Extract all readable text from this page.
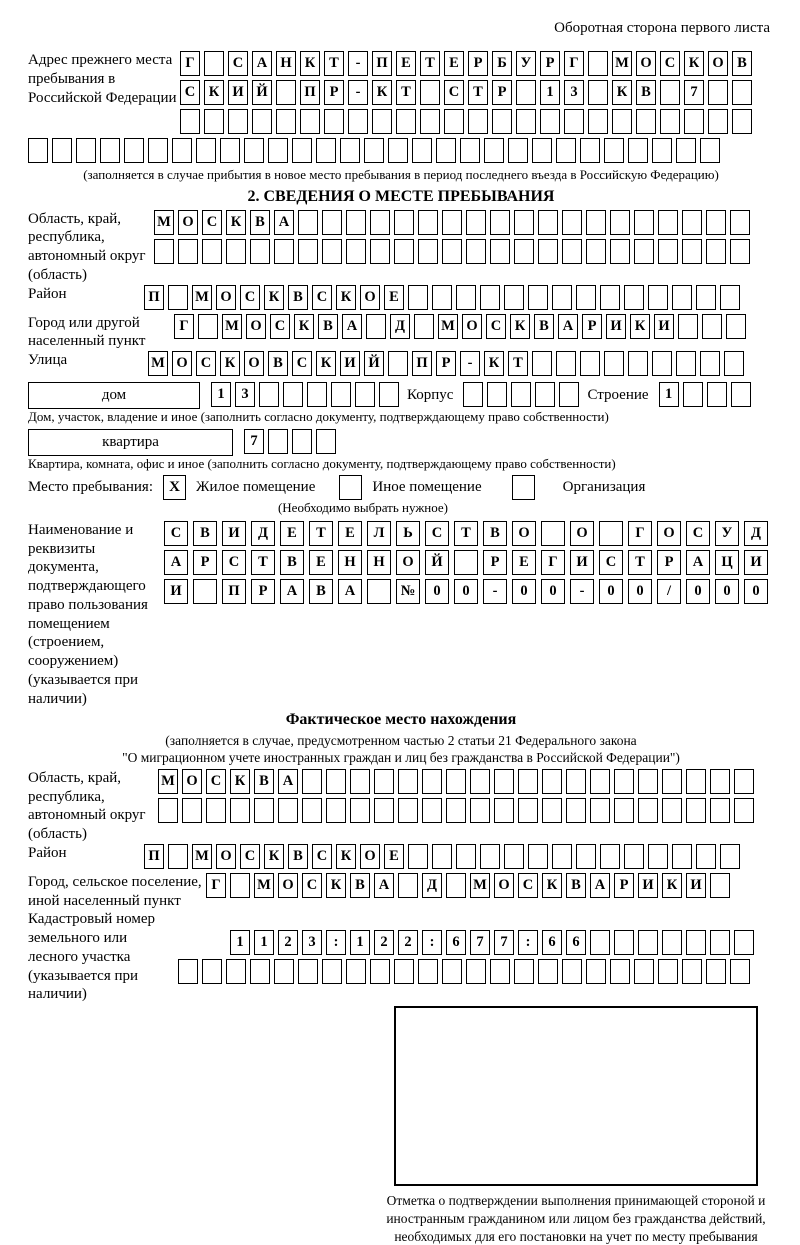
Оборотная сторона первого листа
Адрес прежнего места пребывания в Российской Федерации
Г	С А Н К Т - П Е Т Е Р Б У Р Г	М О С К О В
С К И Й	П Р - К Т	С Т Р	1 3	К В	7
(заполняется в случае прибытия в новое место пребывания в период последнего въезда в Российскую Федерацию)
2. СВЕДЕНИЯ О МЕСТЕ ПРЕБЫВАНИЯ
Область, край, республика, автономный округ (область)
М О С К В А
Район	П М О С К В С К О Е
Город или другой населенный пункт
Г	М О С К В А	Д М О С К В А Р И К И
Улица	М О С К О В С К И Й	П Р - К Т
дом	1 3	Корпус	Строение 1
Дом, участок, владение и иное (заполнить согласно документу, подтверждающему право собственности)
квартира	7
Квартира, комната, офис и иное (заполнить согласно документу, подтверждающему право собственности)
Место пребывания:	X	Жилое помещение	Иное помещение	Организация
(Необходимо выбрать нужное)
Наименование и реквизиты документа, подтверждающего право пользования помещением (строением, сооружением) (указывается при наличии)
С В И Д Е Т Е Л Ь С Т В О	О	Г О С У Д
А Р С Т В Е Н Н О Й	Р Е Г И С Т Р А Ц И
И	П Р А В А	№ 0 0 - 0 0 - 0 0 / 0 0 0
Фактическое место нахождения
(заполняется в случае, предусмотренном частью 2 статьи 21 Федерального закона
"О миграционном учете иностранных граждан и лиц без гражданства в Российской Федерации")
Область, край, республика, автономный округ (область)
М О С К В А
Район	П М О С К В С К О Е
Город, сельское поселение, иной населенный пункт
Г	М О С К В А	Д М О С К В А Р И К И
Кадастровый номер земельного или лесного участка (указывается при наличии)
1 1 2 3 : 1 2 2 : 6 7 7 : 6 6
Отметка о подтверждении выполнения принимающей стороной и иностранным гражданином или лицом без гражданства действий, необходимых для его постановки на учет по месту пребывания
